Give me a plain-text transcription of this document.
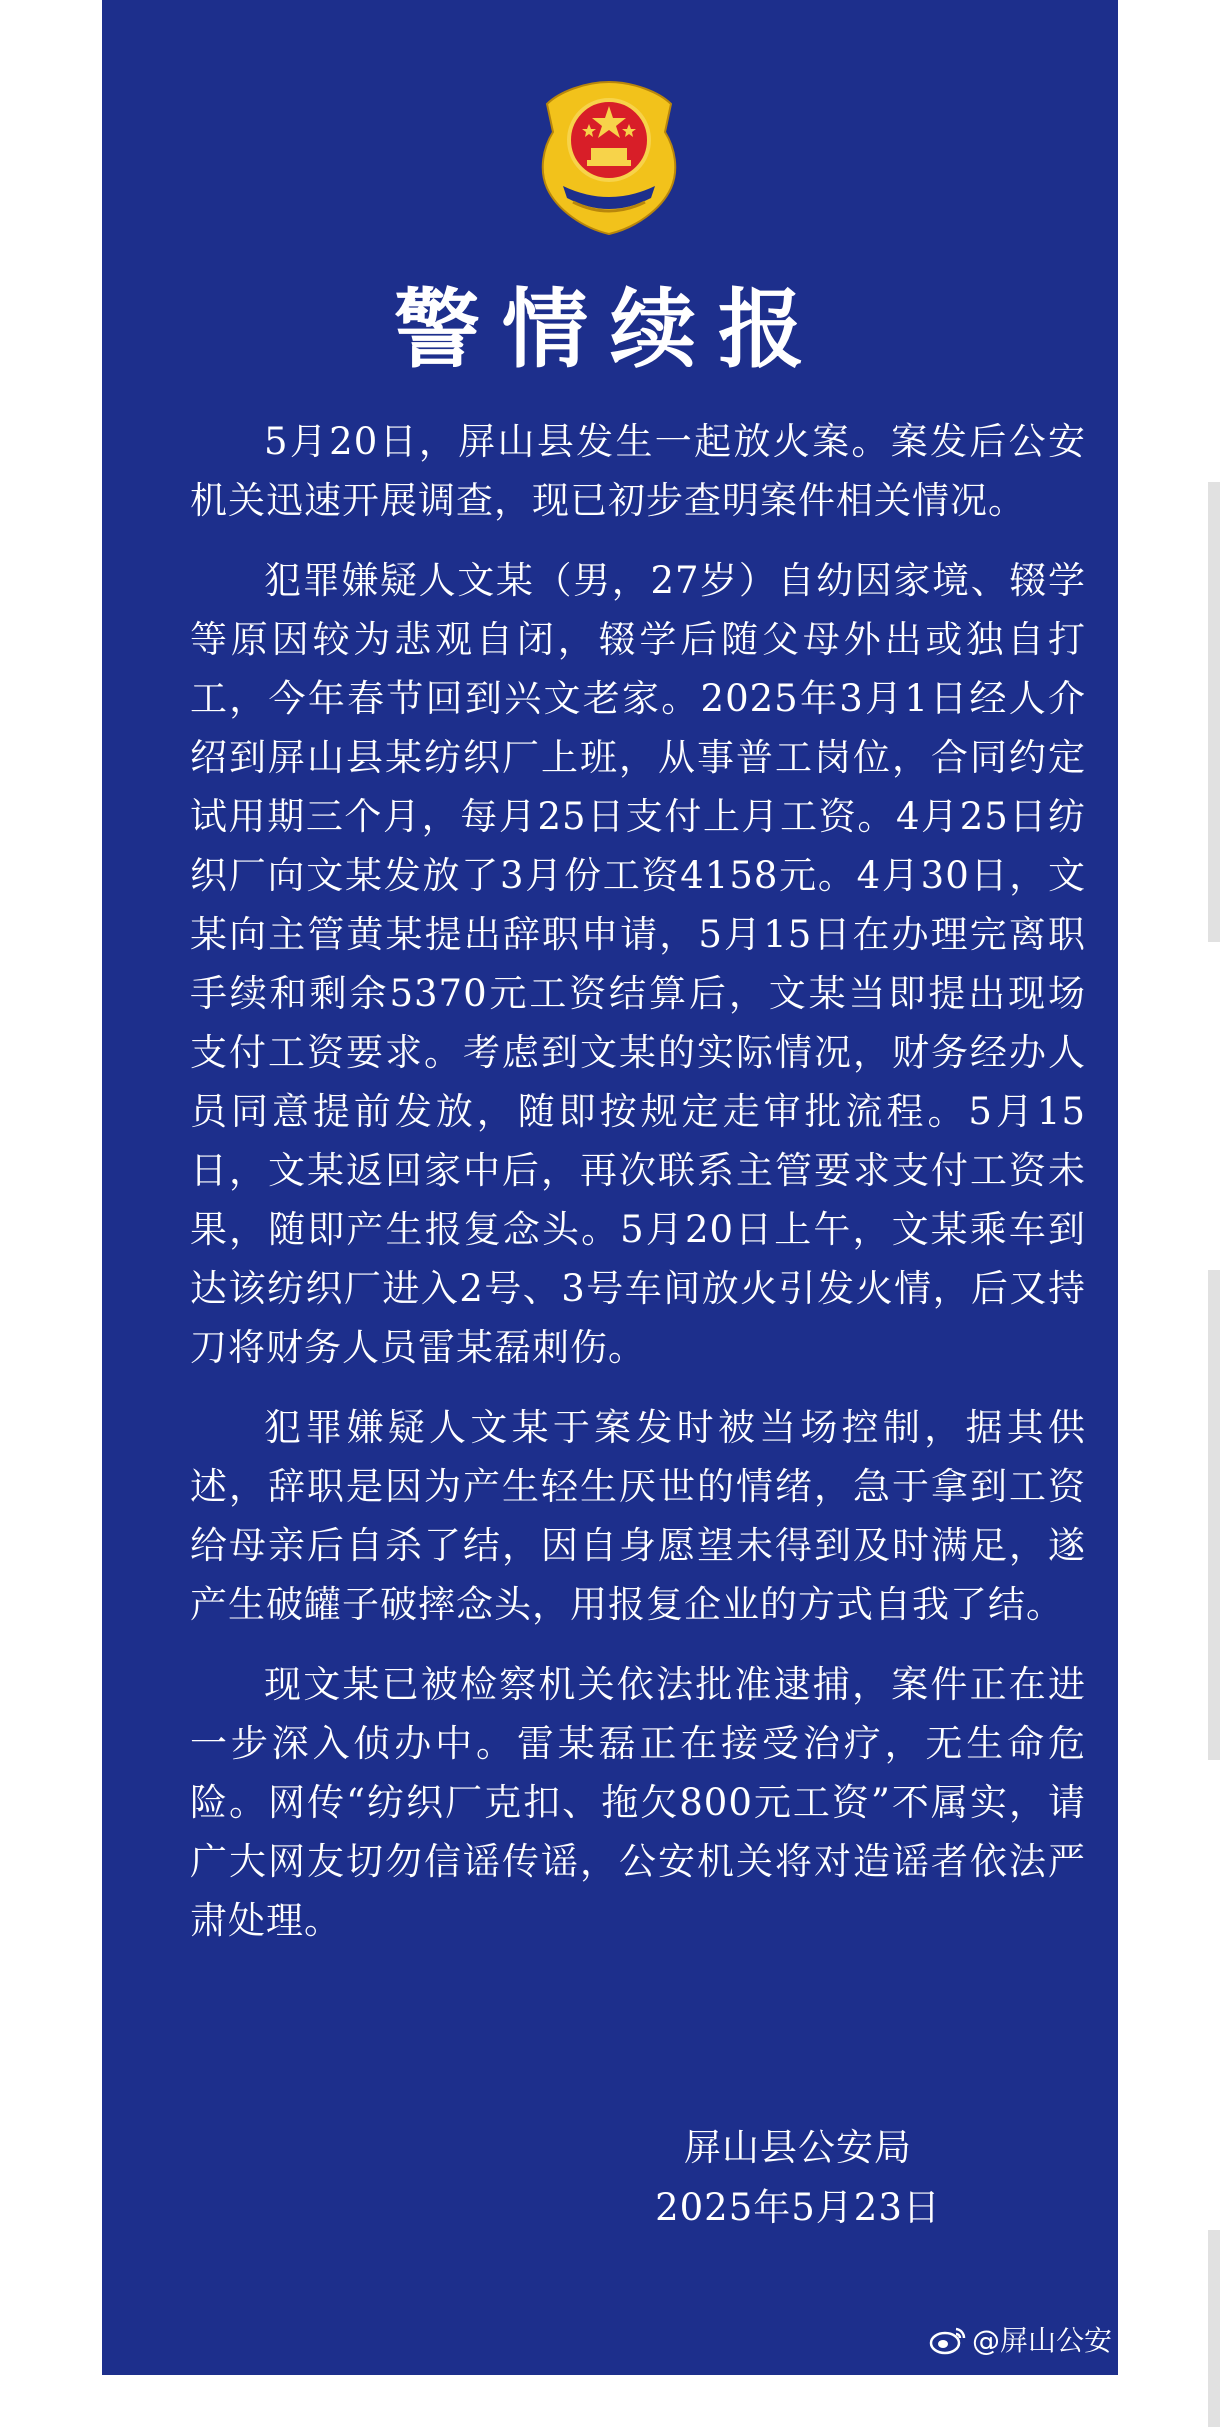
警情续报

5月20日，屏山县发生一起放火案。案发后公安机关迅速开展调查，现已初步查明案件相关情况。

犯罪嫌疑人文某（男，27岁）自幼因家境、辍学等原因较为悲观自闭，辍学后随父母外出或独自打工，今年春节回到兴文老家。2025年3月1日经人介绍到屏山县某纺织厂上班，从事普工岗位，合同约定试用期三个月，每月25日支付上月工资。4月25日纺织厂向文某发放了3月份工资4158元。4月30日，文某向主管黄某提出辞职申请，5月15日在办理完离职手续和剩余5370元工资结算后，文某当即提出现场支付工资要求。考虑到文某的实际情况，财务经办人员同意提前发放，随即按规定走审批流程。5月15日，文某返回家中后，再次联系主管要求支付工资未果，随即产生报复念头。5月20日上午，文某乘车到达该纺织厂进入2号、3号车间放火引发火情，后又持刀将财务人员雷某磊刺伤。

犯罪嫌疑人文某于案发时被当场控制，据其供述，辞职是因为产生轻生厌世的情绪，急于拿到工资给母亲后自杀了结，因自身愿望未得到及时满足，遂产生破罐子破摔念头，用报复企业的方式自我了结。

现文某已被检察机关依法批准逮捕，案件正在进一步深入侦办中。雷某磊正在接受治疗，无生命危险。网传“纺织厂克扣、拖欠800元工资”不属实，请广大网友切勿信谣传谣，公安机关将对造谣者依法严肃处理。

屏山县公安局
2025年5月23日
@屏山公安
